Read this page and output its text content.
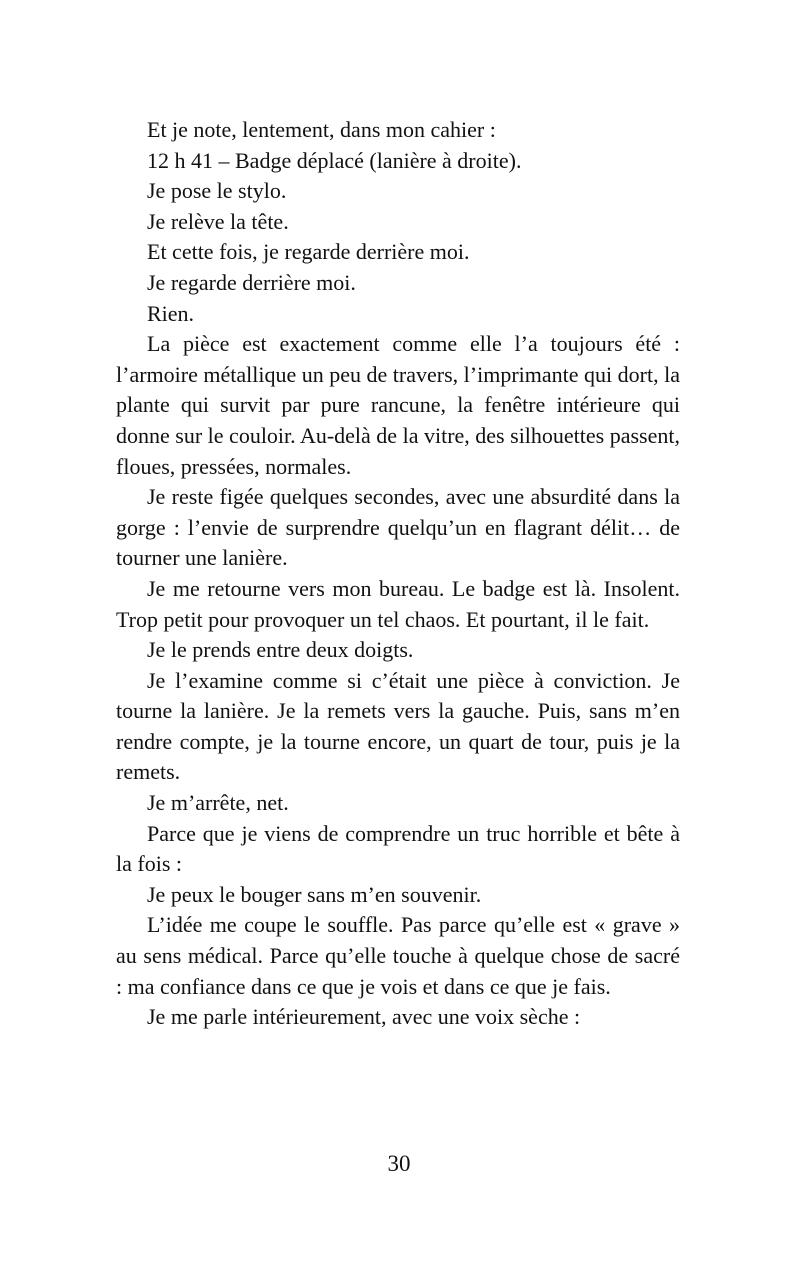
Et je note, lentement, dans mon cahier :

12 h 41 – Badge déplacé (lanière à droite).

Je pose le stylo.

Je relève la tête.

Et cette fois, je regarde derrière moi.

Je regarde derrière moi.

Rien.

La pièce est exactement comme elle l’a toujours été : l’armoire métallique un peu de travers, l’imprimante qui dort, la plante qui survit par pure rancune, la fenêtre intérieure qui donne sur le couloir. Au-delà de la vitre, des silhouettes passent, floues, pressées, normales.

Je reste figée quelques secondes, avec une absurdité dans la gorge : l’envie de surprendre quelqu’un en flagrant délit… de tourner une lanière.

Je me retourne vers mon bureau. Le badge est là. Insolent. Trop petit pour provoquer un tel chaos. Et pourtant, il le fait.

Je le prends entre deux doigts.

Je l’examine comme si c’était une pièce à conviction. Je tourne la lanière. Je la remets vers la gauche. Puis, sans m’en rendre compte, je la tourne encore, un quart de tour, puis je la remets.

Je m’arrête, net.

Parce que je viens de comprendre un truc horrible et bête à la fois :

Je peux le bouger sans m’en souvenir.

L’idée me coupe le souffle. Pas parce qu’elle est « grave » au sens médical. Parce qu’elle touche à quelque chose de sacré : ma confiance dans ce que je vois et dans ce que je fais.

Je me parle intérieurement, avec une voix sèche :

30
